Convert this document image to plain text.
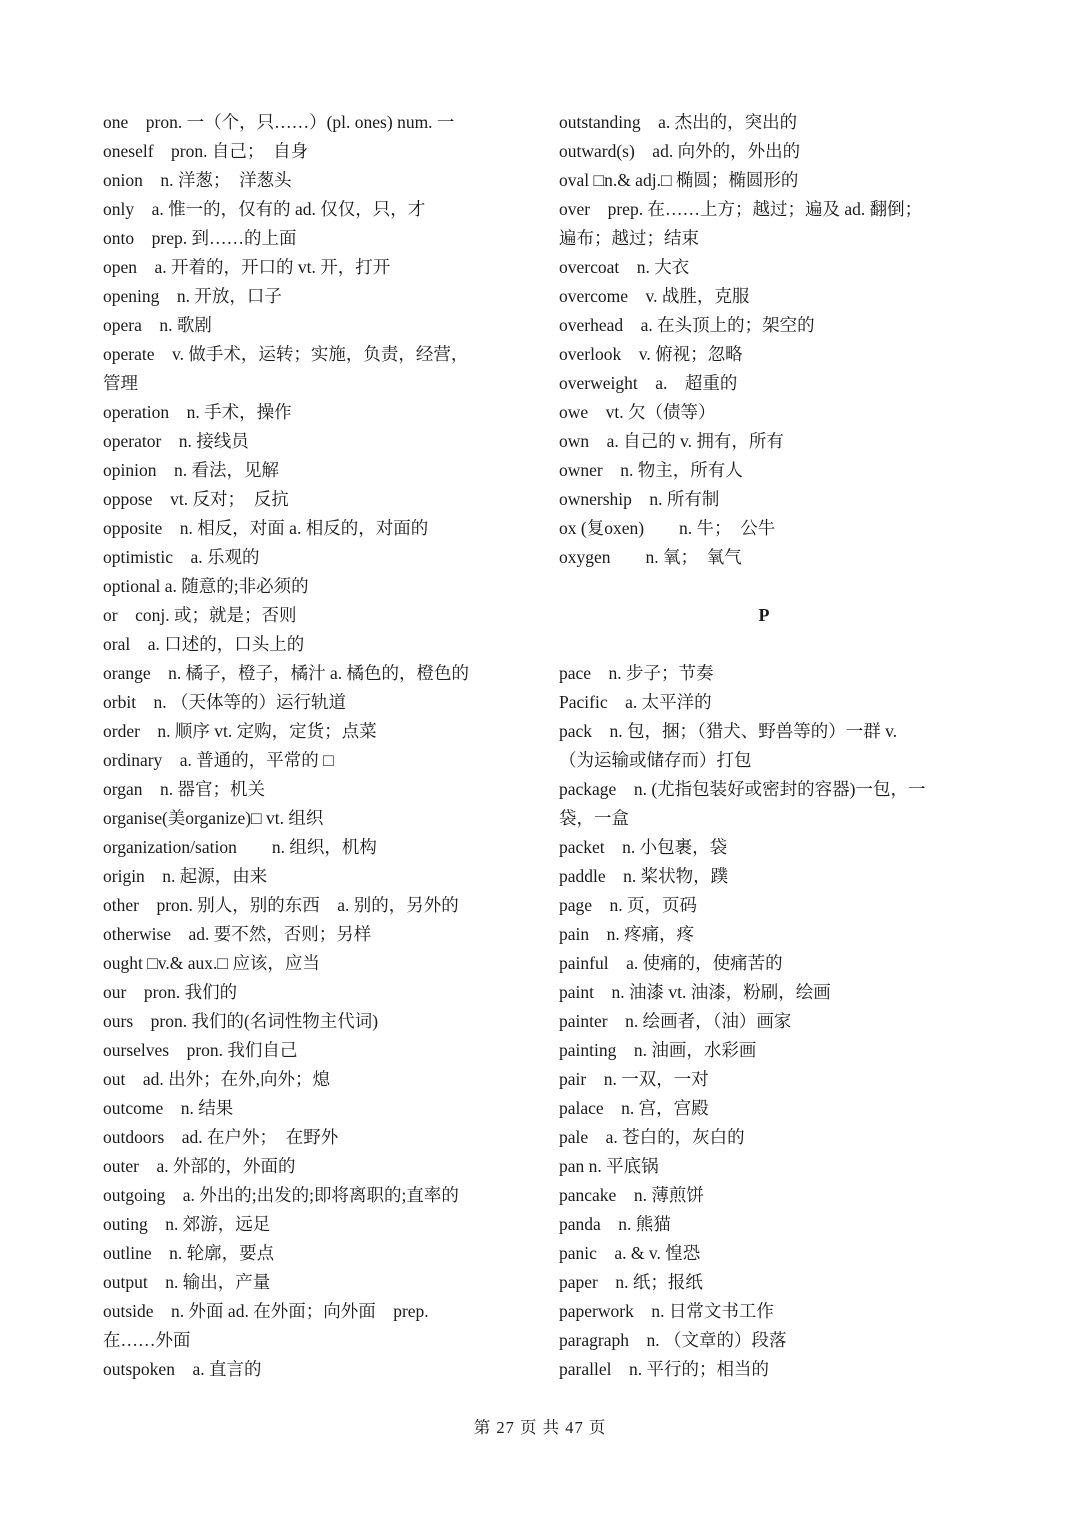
one　pron. 一（个，只……）(pl. ones) num. 一
oneself　pron. 自己；　自身
onion　n. 洋葱；　洋葱头
only　a. 惟一的，仅有的 ad. 仅仅，只，才
onto　prep. 到……的上面
open　a. 开着的，开口的 vt. 开，打开
opening　n. 开放，口子
opera　n. 歌剧
operate　v. 做手术，运转；实施，负责，经营，
管理
operation　n. 手术，操作
operator　n. 接线员
opinion　n. 看法，见解
oppose　vt. 反对；　反抗
opposite　n. 相反，对面 a. 相反的，对面的
optimistic　a. 乐观的
optional a. 随意的;非必须的
or　conj. 或；就是；否则
oral　a. 口述的，口头上的
orange　n. 橘子，橙子，橘汁 a. 橘色的，橙色的
orbit　n. （天体等的）运行轨道
order　n. 顺序 vt. 定购，定货；点菜
ordinary　a. 普通的，平常的 □
organ　n. 器官；机关
organise(美organize)□ vt. 组织
organization/sation　　n. 组织，机构
origin　n. 起源，由来
other　pron. 别人，别的东西　a. 别的，另外的
otherwise　ad. 要不然，否则；另样
ought □v.& aux.□ 应该，应当
our　pron. 我们的
ours　pron. 我们的(名词性物主代词)
ourselves　pron. 我们自己
out　ad. 出外；在外,向外；熄
outcome　n. 结果
outdoors　ad. 在户外；　在野外
outer　a. 外部的，外面的
outgoing　a. 外出的;出发的;即将离职的;直率的
outing　n. 郊游，远足
outline　n. 轮廓，要点
output　n. 输出，产量
outside　n. 外面 ad. 在外面；向外面　prep.
在……外面
outspoken　a. 直言的
outstanding　a. 杰出的，突出的
outward(s)　ad. 向外的，外出的
oval □n.& adj.□ 椭圆；椭圆形的
over　prep. 在……上方；越过；遍及 ad. 翻倒；
遍布；越过；结束
overcoat　n. 大衣
overcome　v. 战胜，克服
overhead　a. 在头顶上的；架空的
overlook　v. 俯视；忽略
overweight　a.　超重的
owe　vt. 欠（债等）
own　a. 自己的 v. 拥有，所有
owner　n. 物主，所有人
ownership　n. 所有制
ox (复oxen)　　n. 牛；　公牛
oxygen　　n. 氧；　氧气
P
pace　n. 步子；节奏
Pacific　a. 太平洋的
pack　n. 包，捆；（猎犬、野兽等的）一群 v.
（为运输或储存而）打包
package　n. (尤指包装好或密封的容器)一包，一
袋，一盒
packet　n. 小包裹，袋
paddle　n. 桨状物，蹼
page　n. 页，页码
pain　n. 疼痛，疼
painful　a. 使痛的，使痛苦的
paint　n. 油漆 vt. 油漆，粉刷，绘画
painter　n. 绘画者，（油）画家
painting　n. 油画，水彩画
pair　n. 一双，一对
palace　n. 宫，宫殿
pale　a. 苍白的，灰白的
pan n. 平底锅
pancake　n. 薄煎饼
panda　n. 熊猫
panic　a. & v. 惶恐
paper　n. 纸；报纸
paperwork　n. 日常文书工作
paragraph　n. （文章的）段落
parallel　n. 平行的；相当的
第 27 页 共 47 页
